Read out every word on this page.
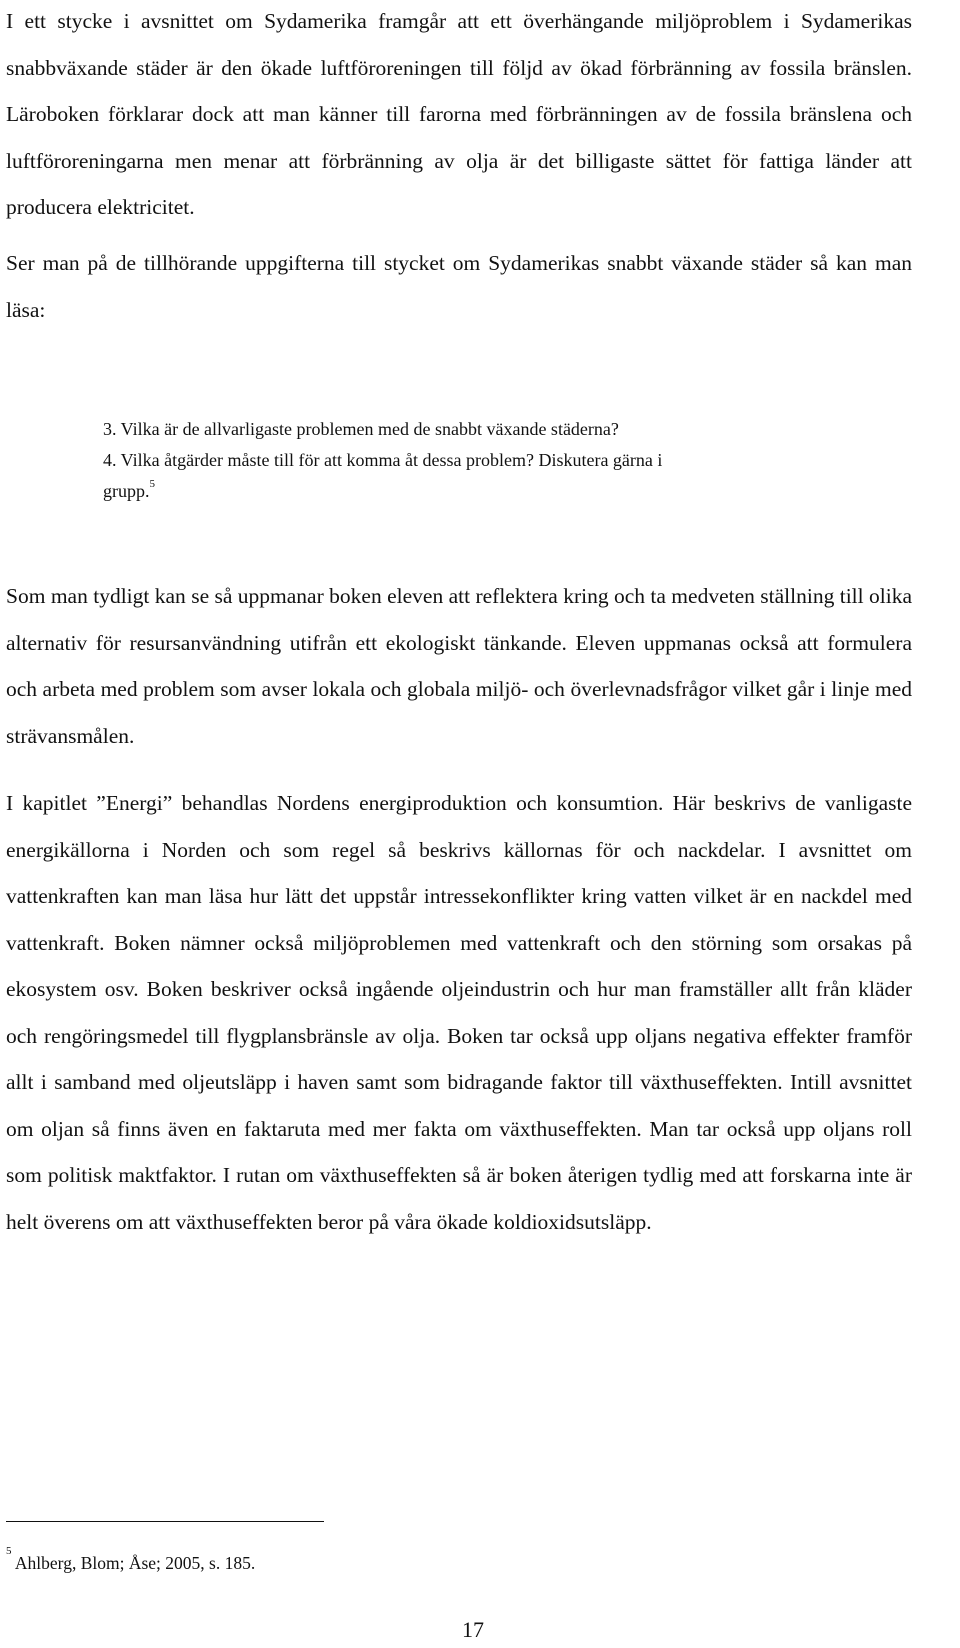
I ett stycke i avsnittet om Sydamerika framgår att ett överhängande miljöproblem i Sydamerikas snabbväxande städer är den ökade luftföroreningen till följd av ökad förbränning av fossila bränslen. Läroboken förklarar dock att man känner till farorna med förbränningen av de fossila bränslena och luftföroreningarna men menar att förbränning av olja är det billigaste sättet för fattiga länder att producera elektricitet.

Ser man på de tillhörande uppgifterna till stycket om Sydamerikas snabbt växande städer så kan man läsa:

3. Vilka är de allvarligaste problemen med de snabbt växande städerna?

4. Vilka åtgärder måste till för att komma åt dessa problem? Diskutera gärna i

grupp.$^5$

Som man tydligt kan se så uppmanar boken eleven att reflektera kring och ta medveten ställning till olika alternativ för resursanvändning utifrån ett ekologiskt tänkande. Eleven uppmanas också att formulera och arbeta med problem som avser lokala och globala miljö- och överlevnadsfrågor vilket går i linje med strävansmålen.

I kapitlet ”Energi” behandlas Nordens energiproduktion och konsumtion. Här beskrivs de vanligaste energikällorna i Norden och som regel så beskrivs källornas för och nackdelar. I avsnittet om vattenkraften kan man läsa hur lätt det uppstår intressekonflikter kring vatten vilket är en nackdel med vattenkraft. Boken nämner också miljöproblemen med vattenkraft och den störning som orsakas på ekosystem osv. Boken beskriver också ingående oljeindustrin och hur man framställer allt från kläder och rengöringsmedel till flygplansbränsle av olja. Boken tar också upp oljans negativa effekter framför allt i samband med oljeutsläpp i haven samt som bidragande faktor till växthuseffekten. Intill avsnittet om oljan så finns även en faktaruta med mer fakta om växthuseffekten. Man tar också upp oljans roll som politisk maktfaktor. I rutan om växthuseffekten så är boken återigen tydlig med att forskarna inte är helt överens om att växthuseffekten beror på våra ökade koldioxidsutsläpp.

$^5$ Ahlberg, Blom; Åse; 2005, s. 185.

17
